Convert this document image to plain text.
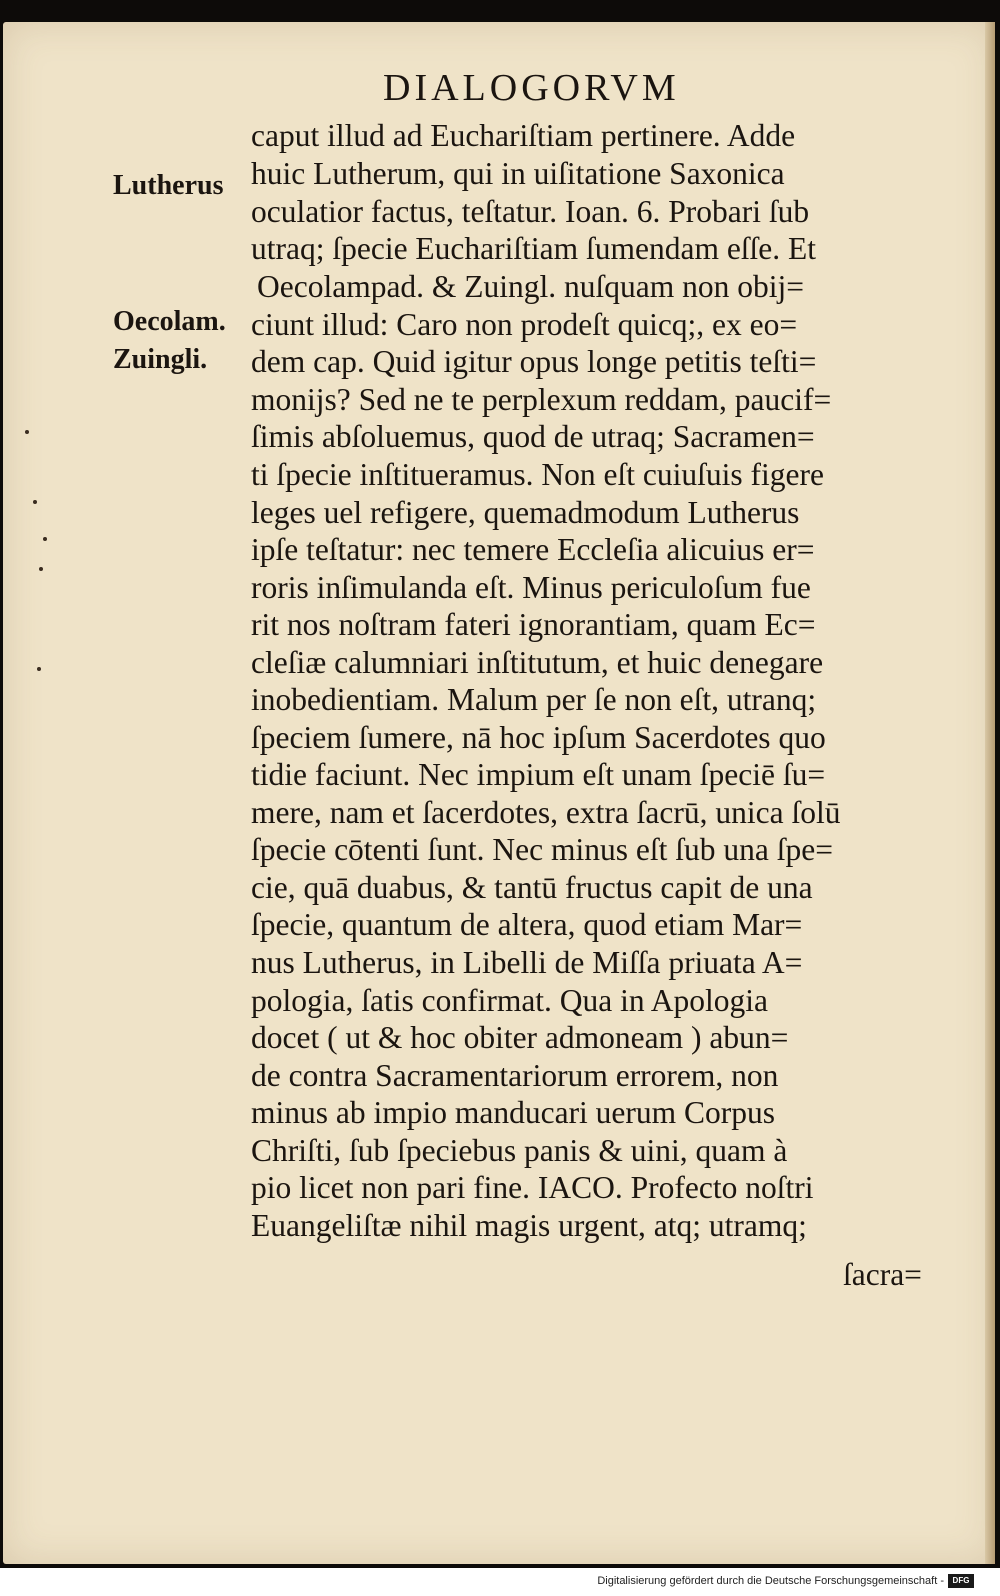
DIALOGORVM
Lutherus
Oecolam.
Zuingli.
caput illud ad Euchariſtiam pertinere. Adde
huic Lutherum, qui in uiſitatione Saxonica
oculatior factus, teſtatur. Ioan. 6. Probari ſub
utraq; ſpecie Euchariſtiam ſumendam eſſe. Et
Oecolampad. & Zuingl. nuſquam non obij=
ciunt illud: Caro non prodeſt quicq;, ex eo=
dem cap. Quid igitur opus longe petitis teſti=
monijs? Sed ne te perplexum reddam, paucif=
ſimis abſoluemus, quod de utraq; Sacramen=
ti ſpecie inſtitueramus. Non eſt cuiuſuis figere
leges uel refigere, quemadmodum Lutherus
ipſe teſtatur: nec temere Eccleſia alicuius er=
roris inſimulanda eſt. Minus periculoſum fue
rit nos noſtram fateri ignorantiam, quam Ec=
cleſiæ calumniari inſtitutum, et huic denegare
inobedientiam. Malum per ſe non eſt, utranq;
ſpeciem ſumere, nā hoc ipſum Sacerdotes quo
tidie faciunt. Nec impium eſt unam ſpeciē ſu=
mere, nam et ſacerdotes, extra ſacrū, unica ſolū
ſpecie cōtenti ſunt. Nec minus eſt ſub una ſpe=
cie, quā duabus, & tantū fructus capit de una
ſpecie, quantum de altera, quod etiam Mar=
nus Lutherus, in Libelli de Miſſa priuata A=
pologia, ſatis confirmat. Qua in Apologia
docet ( ut & hoc obiter admoneam ) abun=
de contra Sacramentariorum errorem, non
minus ab impio manducari uerum Corpus
Chriſti, ſub ſpeciebus panis & uini, quam à
pio licet non pari fine. IACO. Profecto noſtri
Euangeliſtæ nihil magis urgent, atq; utramq;
ſacra=
Digitalisierung gefördert durch die Deutsche Forschungsgemeinschaft -	DFG
